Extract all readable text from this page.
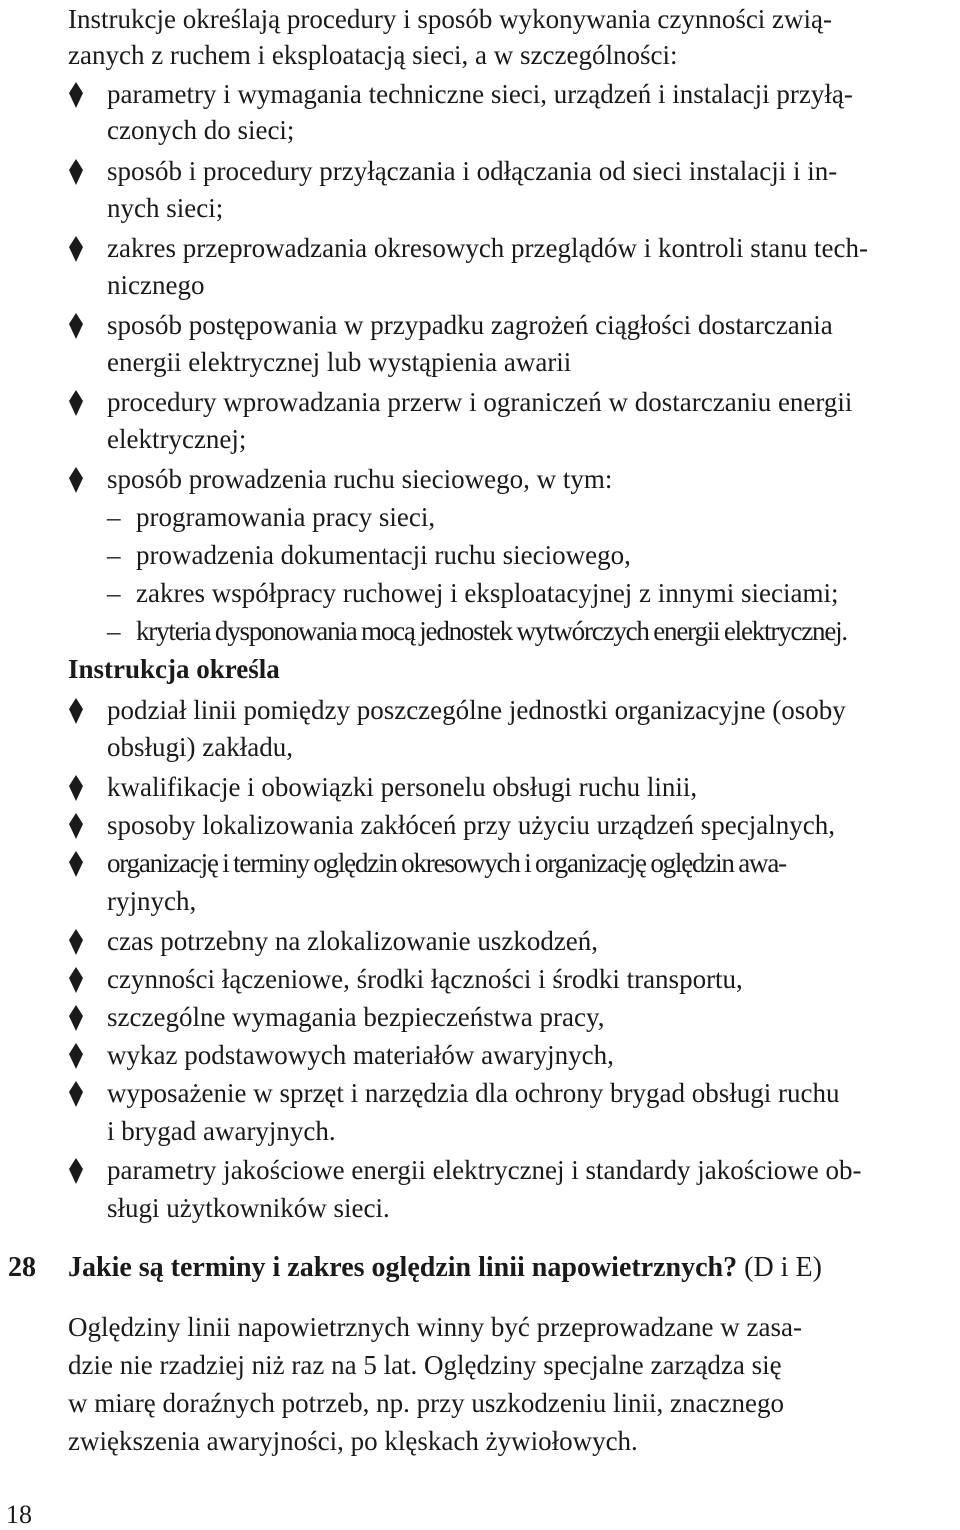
Instrukcje określają procedury i sposób wykonywania czynności zwią-
zanych z ruchem i eksploatacją sieci, a w szczególności:
parametry i wymagania techniczne sieci, urządzeń i instalacji przyłą-
czonych do sieci;
sposób i procedury przyłączania i odłączania od sieci instalacji i in-
nych sieci;
zakres przeprowadzania okresowych przeglądów i kontroli stanu tech-
nicznego
sposób postępowania w przypadku zagrożeń ciągłości dostarczania
energii elektrycznej lub wystąpienia awarii
procedury wprowadzania przerw i ograniczeń w dostarczaniu energii
elektrycznej;
sposób prowadzenia ruchu sieciowego, w tym:
– programowania pracy sieci,
– prowadzenia dokumentacji ruchu sieciowego,
– zakres współpracy ruchowej i eksploatacyjnej z innymi sieciami;
– kryteria dysponowania mocą jednostek wytwórczych energii elektrycznej.
Instrukcja określa
podział linii pomiędzy poszczególne jednostki organizacyjne (osoby
obsługi) zakładu,
kwalifikacje i obowiązki personelu obsługi ruchu linii,
sposoby lokalizowania zakłóceń przy użyciu urządzeń specjalnych,
organizację i terminy oględzin okresowych i organizację oględzin awa-
ryjnych,
czas potrzebny na zlokalizowanie uszkodzeń,
czynności łączeniowe, środki łączności i środki transportu,
szczególne wymagania bezpieczeństwa pracy,
wykaz podstawowych materiałów awaryjnych,
wyposażenie w sprzęt i narzędzia dla ochrony brygad obsługi ruchu
i brygad awaryjnych.
parametry jakościowe energii elektrycznej i standardy jakościowe ob-
sługi użytkowników sieci.
28 Jakie są terminy i zakres oględzin linii napowietrznych? (D i E)
Oględziny linii napowietrznych winny być przeprowadzane w zasa-
dzie nie rzadziej niż raz na 5 lat. Oględziny specjalne zarządza się
w miarę doraźnych potrzeb, np. przy uszkodzeniu linii, znacznego
zwiększenia awaryjności, po klęskach żywiołowych.
18
